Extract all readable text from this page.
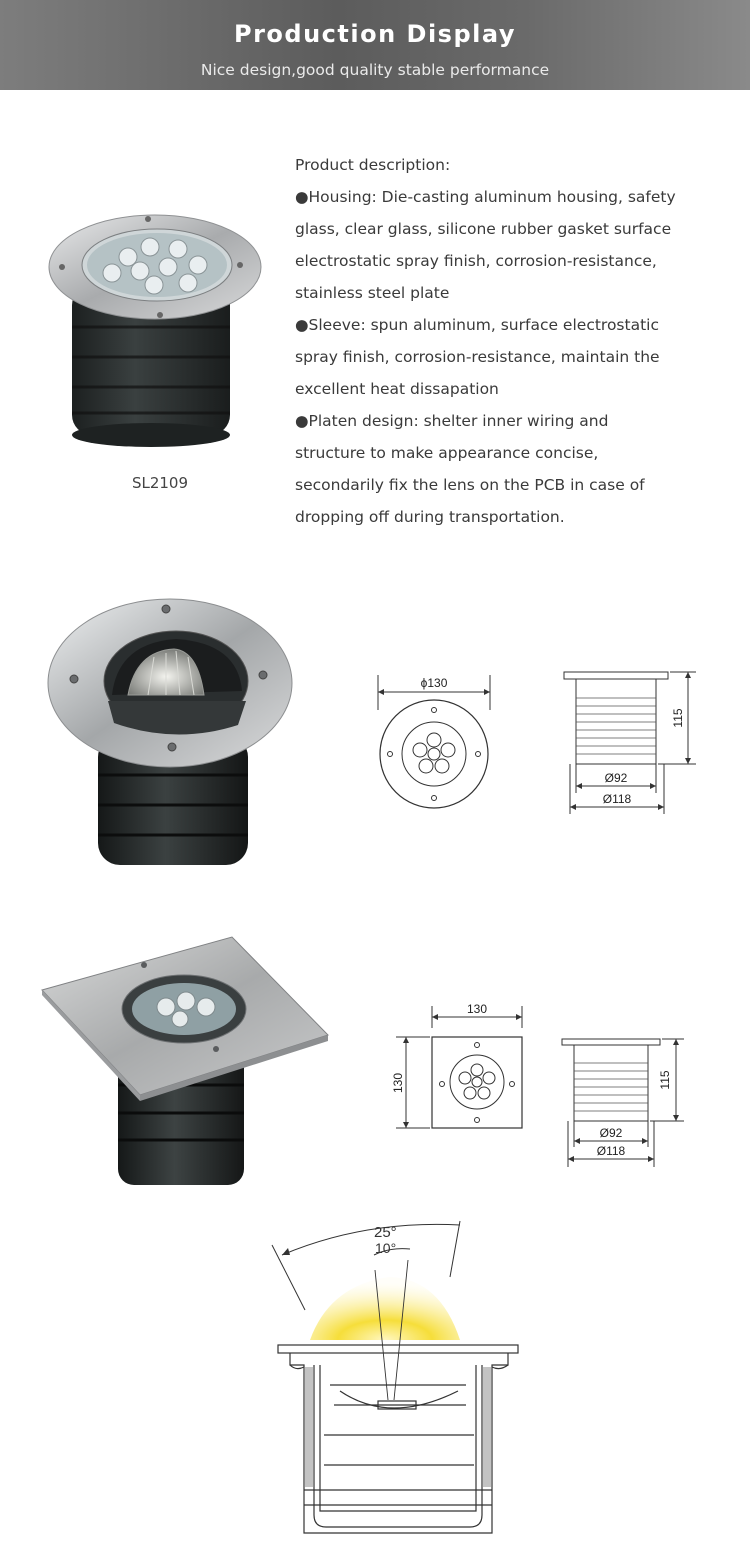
Production Display
Nice design,good quality stable performance
SL2109

Product description:

●Housing: Die-casting aluminum housing, safety

glass, clear glass, silicone rubber gasket surface

electrostatic spray finish, corrosion-resistance,

stainless steel plate

●Sleeve: spun aluminum, surface electrostatic

spray finish, corrosion-resistance, maintain the

excellent heat dissapation

●Platen design: shelter inner wiring and

structure to make appearance concise,

secondarily fix the lens on the PCB in case of

dropping off during transportation.

ϕ130
115
Ø92
Ø118
130
130	115
Ø92
Ø118
25°
10°
